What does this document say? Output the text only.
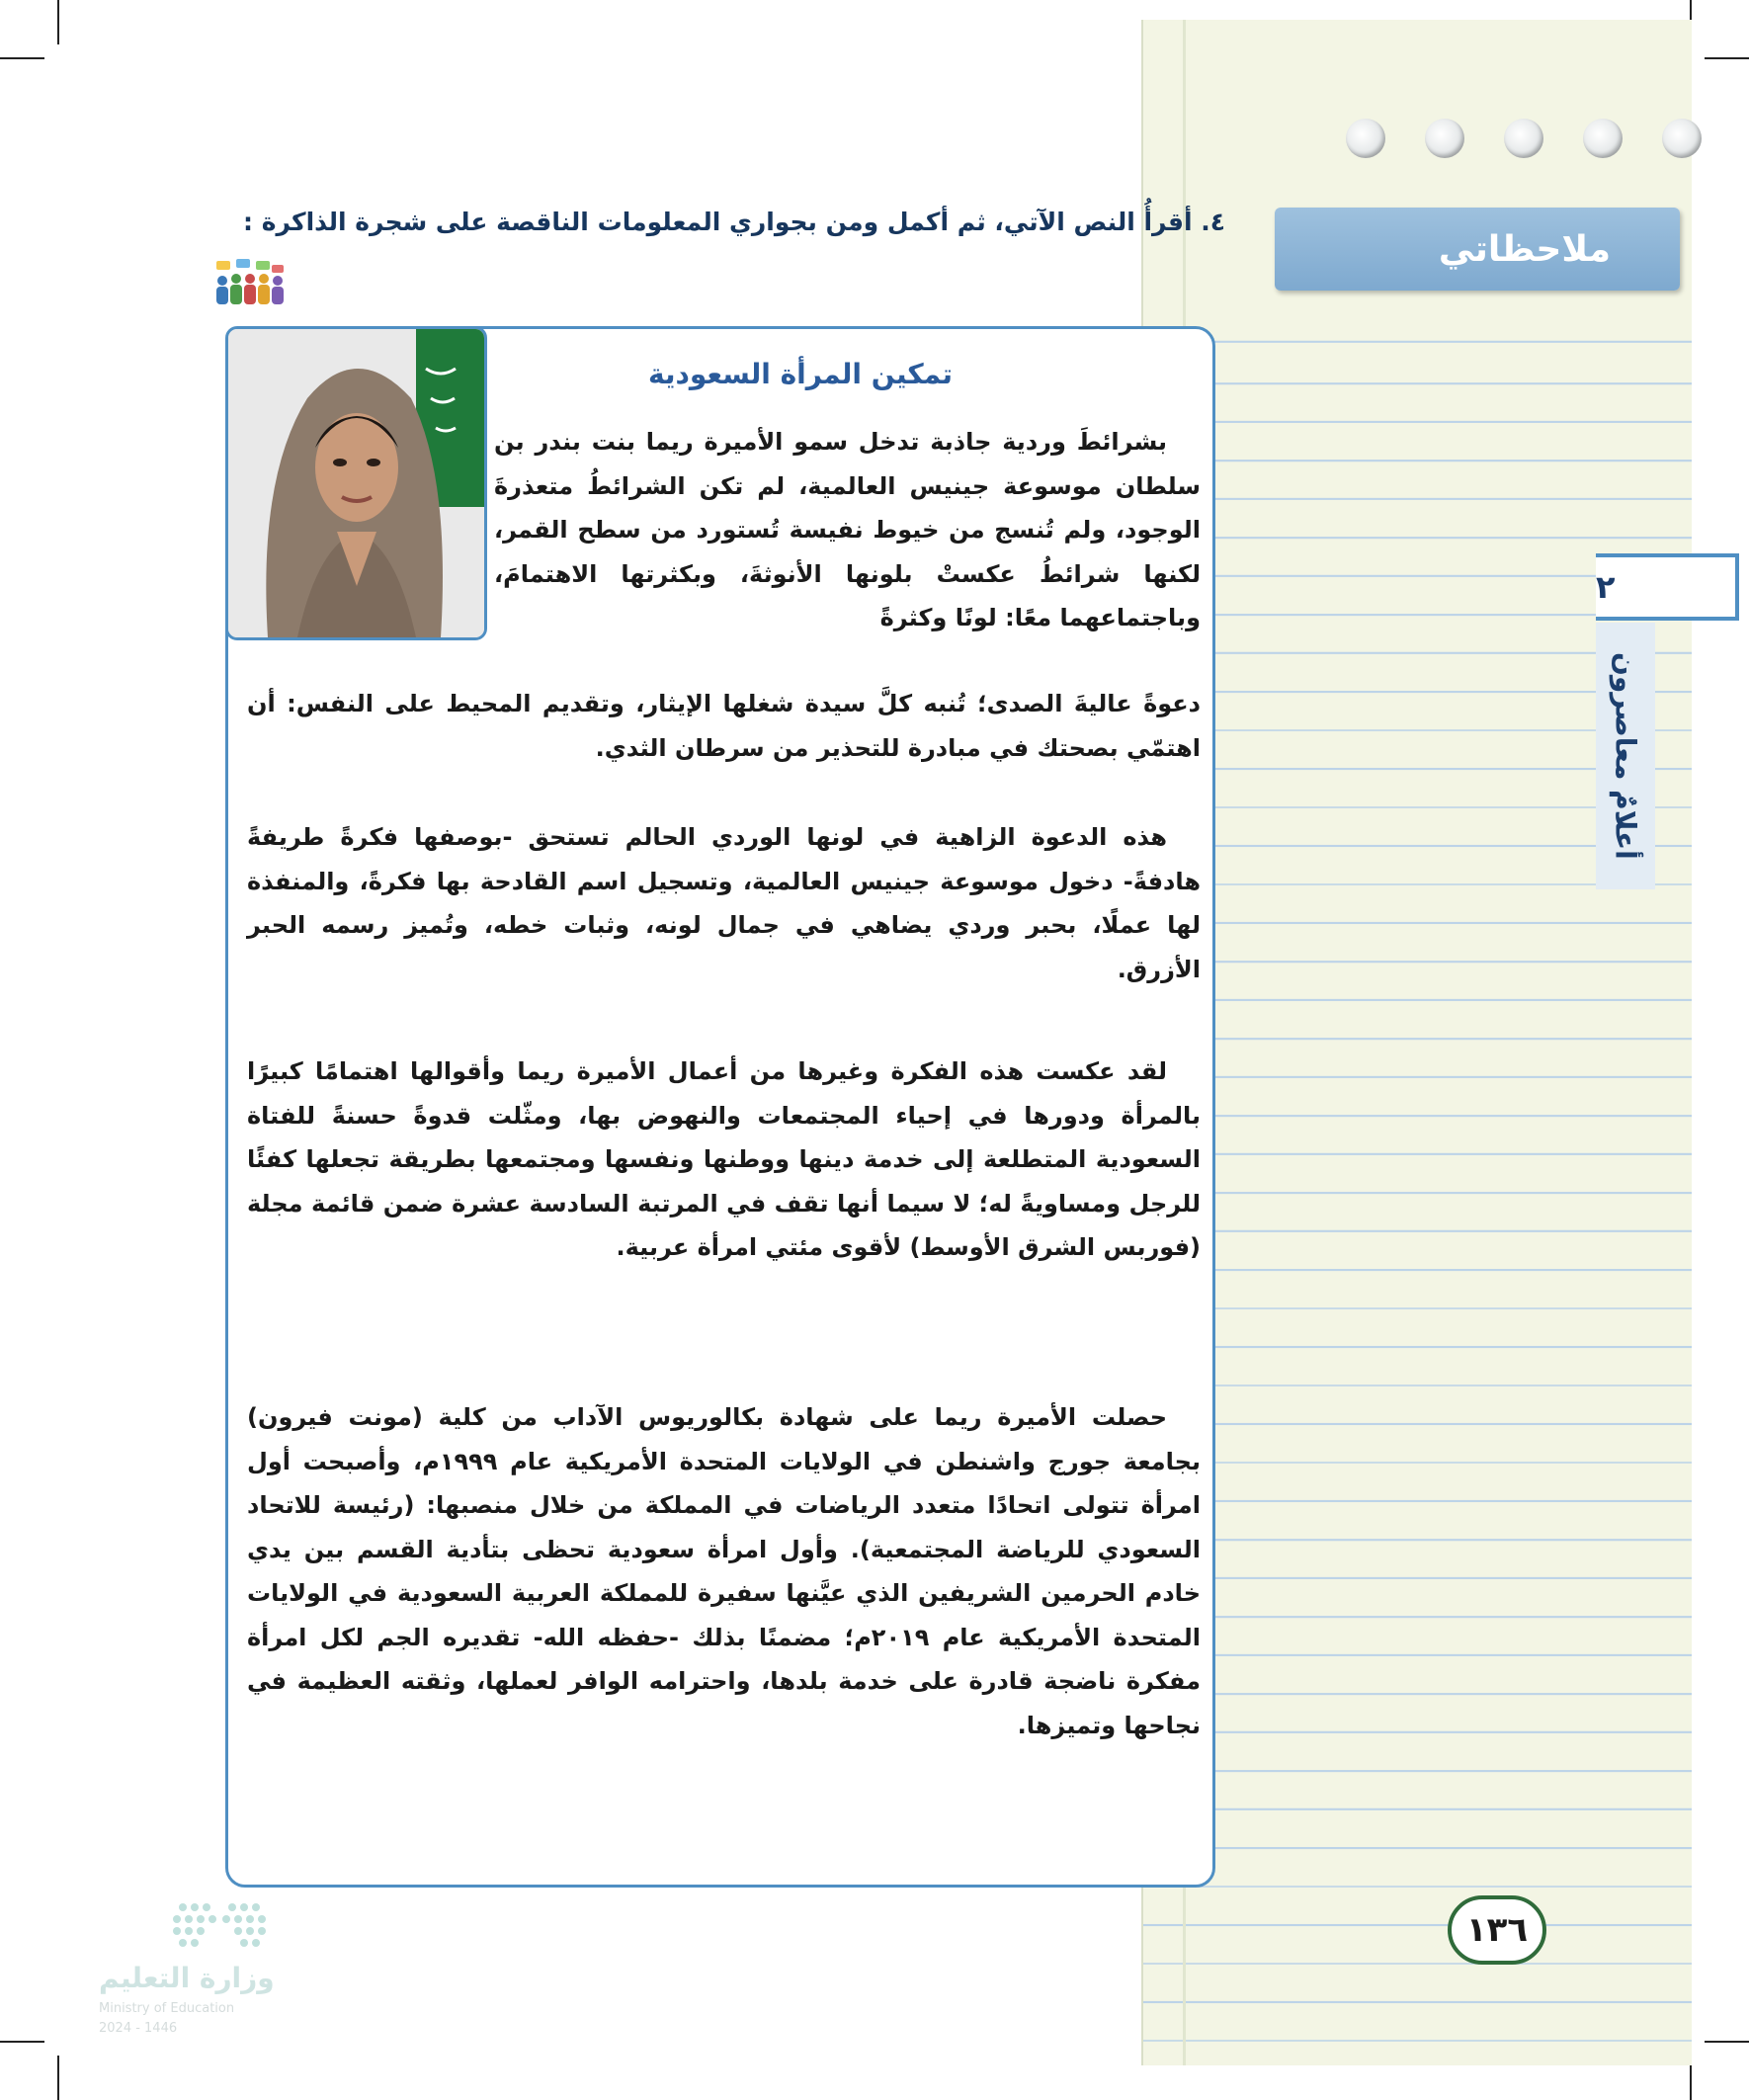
ملاحظاتي
٢
أعلامٌ معاصرون
١٣٦
٤. أقرأُ النص الآتي، ثم أكمل ومن بجواري المعلومات الناقصة على شجرة الذاكرة :
تمكين المرأة السعودية

بشرائطَ وردية جاذبة تدخل سمو الأميرة ريما بنت بندر بن سلطان موسوعة جينيس العالمية، لم تكن الشرائطُ متعذرةَ الوجود، ولم تُنسج من خيوط نفيسة تُستورد من سطح القمر، لكنها شرائطُ عكستْ بلونها الأنوثةَ، وبكثرتها الاهتمامَ، وباجتماعهما معًا: لونًا وكثرةً

دعوةً عاليةَ الصدى؛ تُنبه كلَّ سيدة شغلها الإيثار، وتقديم المحيط على النفس: أن اهتمّي بصحتك في مبادرة للتحذير من سرطان الثدي.

هذه الدعوة الزاهية في لونها الوردي الحالم تستحق -بوصفها فكرةً طريفةً هادفةً- دخول موسوعة جينيس العالمية، وتسجيل اسم القادحة بها فكرةً، والمنفذة لها عملًا، بحبر وردي يضاهي في جمال لونه، وثبات خطه، وتُميز رسمه الحبر الأزرق.

لقد عكست هذه الفكرة وغيرها من أعمال الأميرة ريما وأقوالها اهتمامًا كبيرًا بالمرأة ودورها في إحياء المجتمعات والنهوض بها، ومثّلت قدوةً حسنةً للفتاة السعودية المتطلعة إلى خدمة دينها ووطنها ونفسها ومجتمعها بطريقة تجعلها كفئًا للرجل ومساويةً له؛ لا سيما أنها تقف في المرتبة السادسة عشرة ضمن قائمة مجلة (فوربس الشرق الأوسط) لأقوى مئتي امرأة عربية.

حصلت الأميرة ريما على شهادة بكالوريوس الآداب من كلية (مونت فيرون) بجامعة جورج واشنطن في الولايات المتحدة الأمريكية عام ١٩٩٩م، وأصبحت أول امرأة تتولى اتحادًا متعدد الرياضات في المملكة من خلال منصبها: (رئيسة للاتحاد السعودي للرياضة المجتمعية). وأول امرأة سعودية تحظى بتأدية القسم بين يدي خادم الحرمين الشريفين الذي عيَّنها سفيرة للمملكة العربية السعودية في الولايات المتحدة الأمريكية عام ٢٠١٩م؛ مضمنًا بذلك -حفظه الله- تقديره الجم لكل امرأة مفكرة ناضجة قادرة على خدمة بلدها، واحترامه الوافر لعملها، وثقته العظيمة في نجاحها وتميزها.

وزارة التعليم
Ministry of Education
2024 - 1446
